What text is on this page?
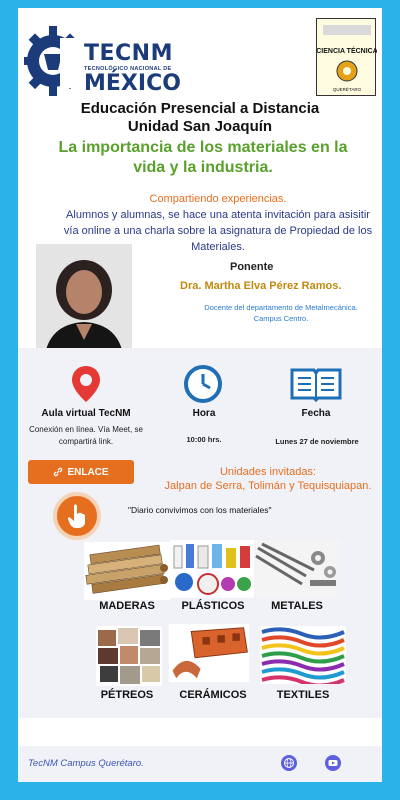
TECNM
TECNOLÓGICO NACIONAL DE
MÉXICO
CIENCIA TÉCNICA
QUERÉTARO
Educación Presencial a Distancia
Unidad San Joaquín
La importancia de los materiales en la vida y la industria.
Compartiendo experiencias.
Alumnos y alumnas, se hace una atenta invitación para asisitir vía online a una charla sobre la asignatura de Propiedad de los Materiales.
Ponente
Dra. Martha Elva Pérez Ramos.
Docente del departamento de Metalmecánica.
Campus Centro.
Aula virtual TecNM
Conexión en línea. Vía Meet, se compartirá link.
Hora
10:00 hrs.
Fecha
Lunes 27 de noviembre
ENLACE	Unidades invitadas:
Jalpan de Serra, Tolimán y Tequisquiapan.
"Diario convivimos con los materiales"
MADERAS	PLÁSTICOS	METALES
PÉTREOS	CERÁMICOS	TEXTILES
TecNM Campus Querétaro.
